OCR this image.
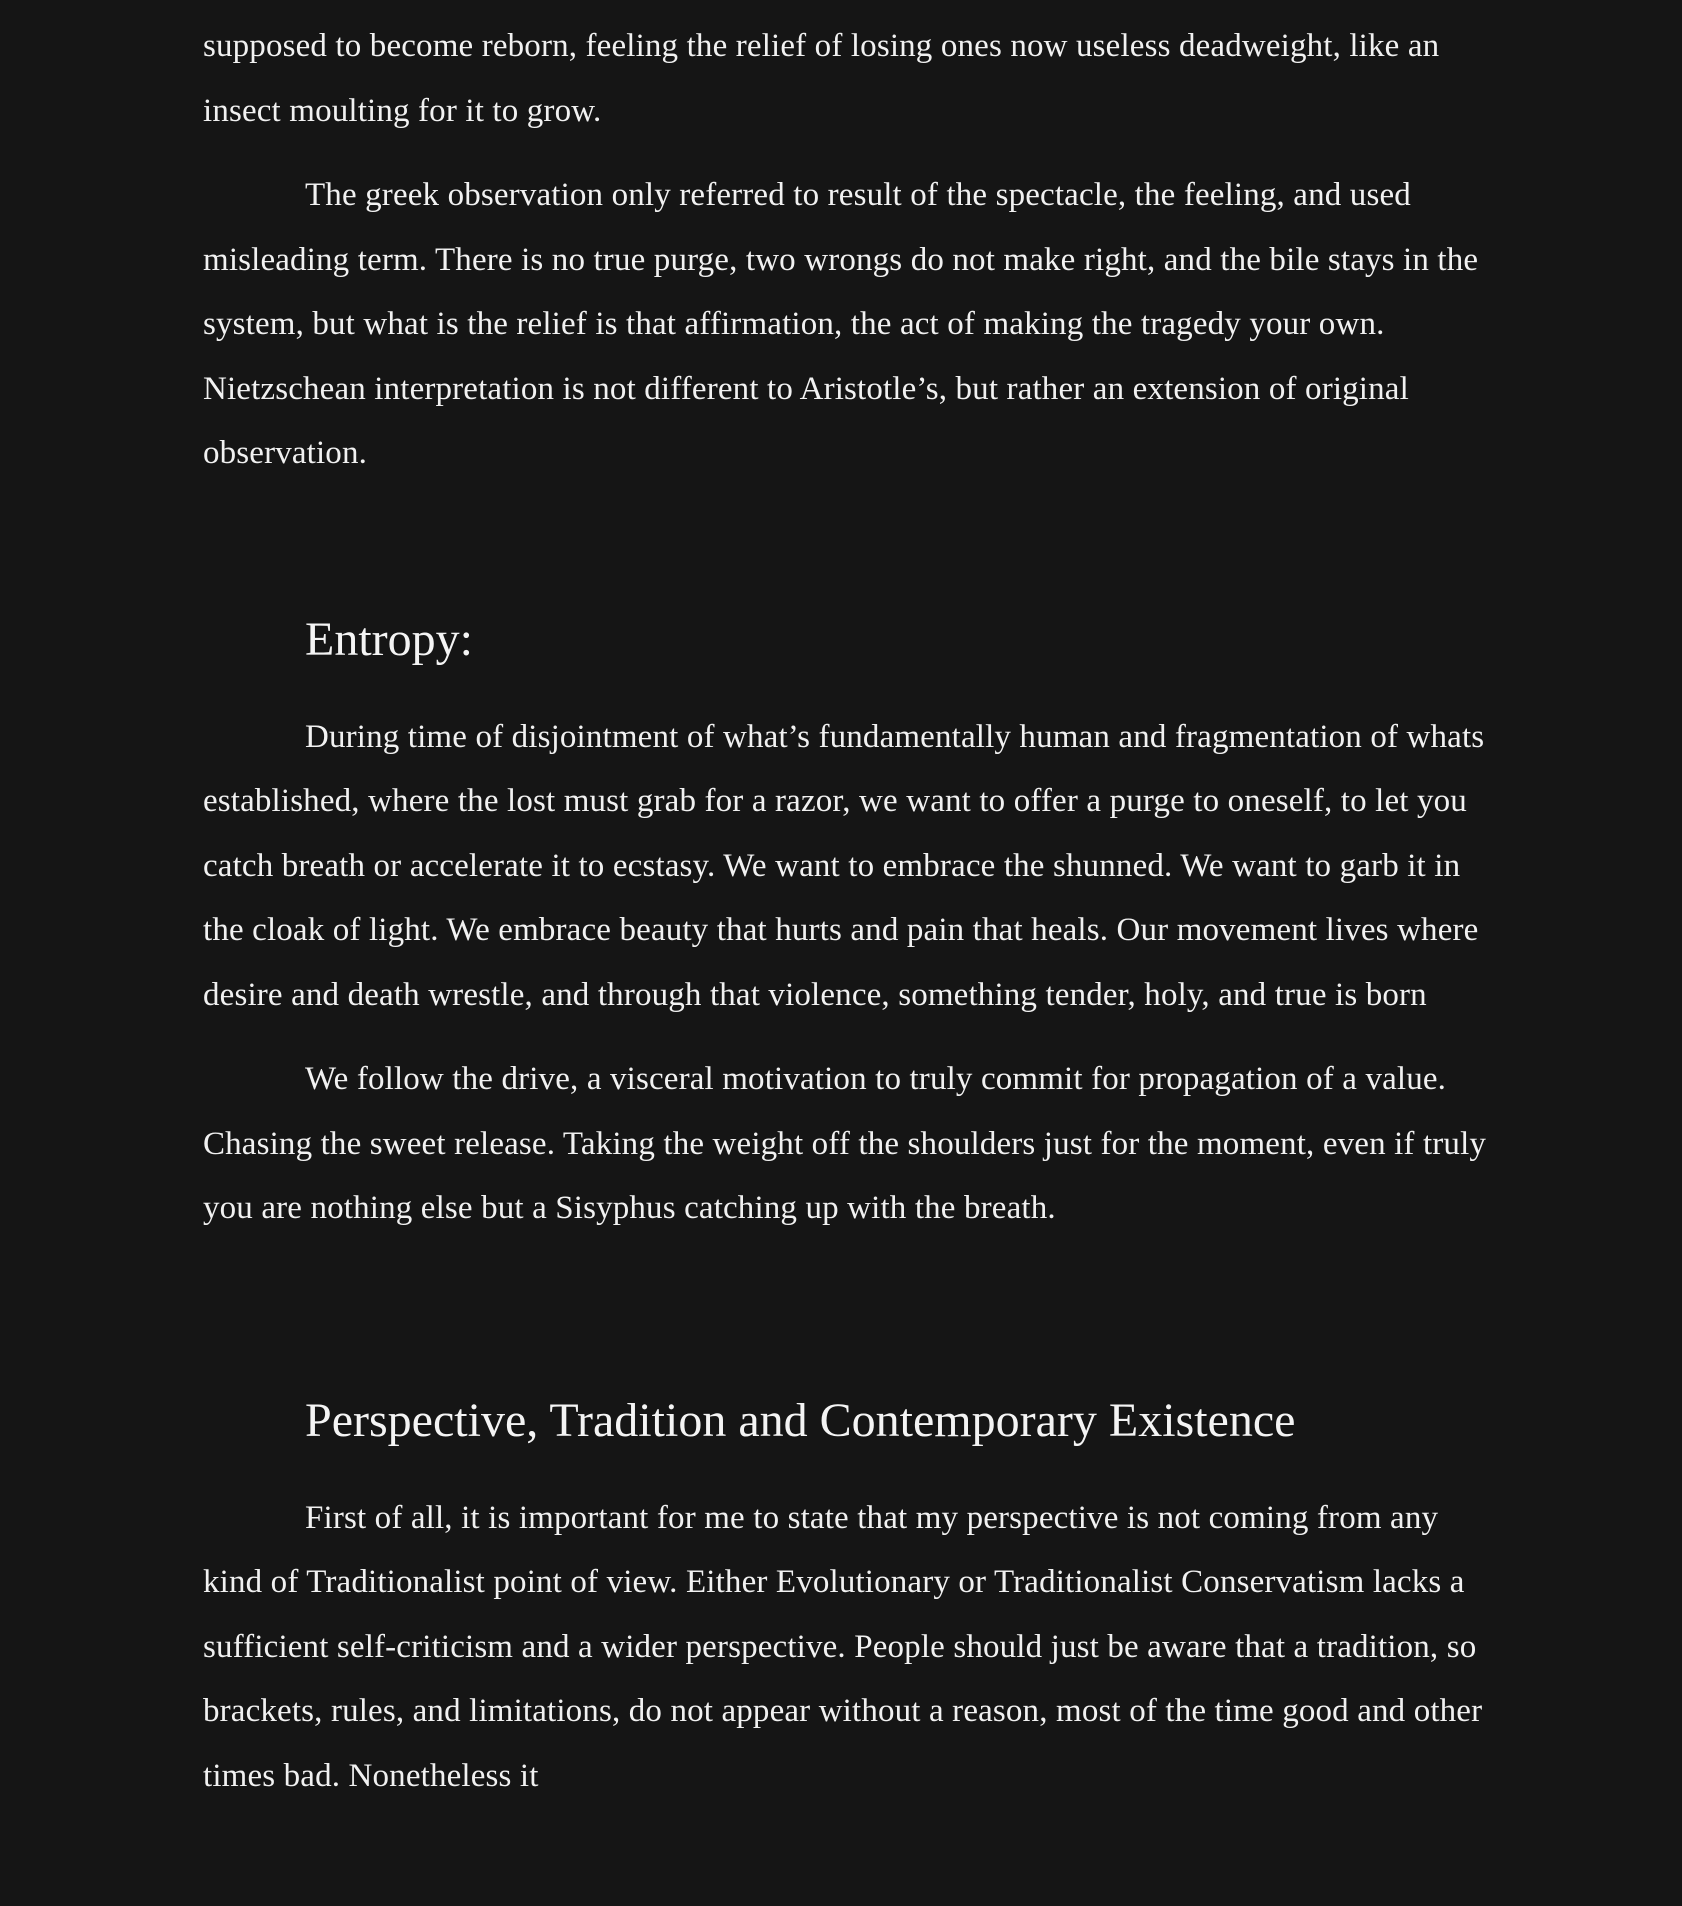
supposed to become reborn, feeling the relief of losing ones now useless deadweight, like an insect moulting for it to grow.

The greek observation only referred to result of the spectacle, the feeling, and used misleading term. There is no true purge, two wrongs do not make right, and the bile stays in the system, but what is the relief is that affirmation, the act of making the tragedy your own. Nietzschean interpretation is not different to Aristotle’s, but rather an extension of original observation.

Entropy:

During time of disjointment of what’s fundamentally human and fragmentation of whats established, where the lost must grab for a razor, we want to offer a purge to oneself, to let you catch breath or accelerate it to ecstasy. We want to embrace the shunned. We want to garb it in the cloak of light. We embrace beauty that hurts and pain that heals. Our movement lives where desire and death wrestle, and through that violence, something tender, holy, and true is born

We follow the drive, a visceral motivation to truly commit for propagation of a value. Chasing the sweet release. Taking the weight off the shoulders just for the moment, even if truly you are nothing else but a Sisyphus catching up with the breath.

Perspective, Tradition and Contemporary Existence

First of all, it is important for me to state that my perspective is not coming from any kind of Traditionalist point of view. Either Evolutionary or Traditionalist Conservatism lacks a sufficient self-criticism and a wider perspective. People should just be aware that a tradition, so brackets, rules, and limitations, do not appear without a reason, most of the time good and other times bad. Nonetheless it
